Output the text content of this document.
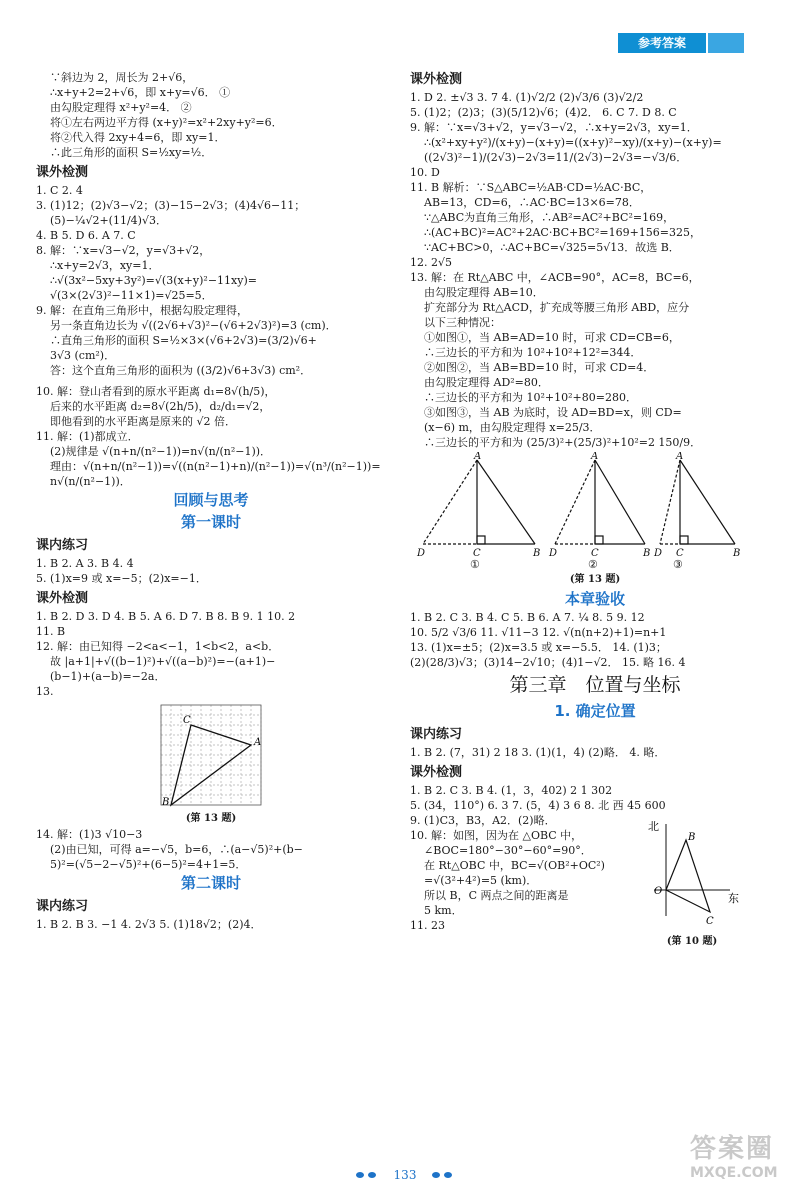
参考答案
∵斜边为 2，周长为 2+√6，
∴x+y+2=2+√6，即 x+y=√6． ①
由勾股定理得 x²+y²=4． ②
将①左右两边平方得 (x+y)²=x²+2xy+y²=6．
将②代入得 2xy+4=6，即 xy=1．
∴此三角形的面积 S=½xy=½．
课外检测
1. C 2. 4
3. (1)12；(2)√3−√2；(3)−15−2√3；(4)4√6−11；
(5)−¼√2+(11/4)√3．
4. B 5. D 6. A 7. C
8. 解：∵x=√3−√2，y=√3+√2，
∴x+y=2√3，xy=1．
∴√(3x²−5xy+3y²)=√(3(x+y)²−11xy)=
√(3×(2√3)²−11×1)=√25=5．
9. 解：在直角三角形中，根据勾股定理得，
另一条直角边长为 √((2√6+√3)²−(√6+2√3)²)=3 (cm)．
∴直角三角形的面积 S=½×3×(√6+2√3)=(3/2)√6+
3√3 (cm²)．
答：这个直角三角形的面积为 ((3/2)√6+3√3) cm²．
10. 解：登山者看到的原水平距离 d₁=8√(h/5)，
后来的水平距离 d₂=8√(2h/5)，d₂/d₁=√2，
即他看到的水平距离是原来的 √2 倍．
11. 解：(1)都成立．
(2)规律是 √(n+n/(n²−1))=n√(n/(n²−1))．
理由：√(n+n/(n²−1))=√((n(n²−1)+n)/(n²−1))=√(n³/(n²−1))=
n√(n/(n²−1))．
回顾与思考
第一课时
课内练习
1. B 2. A 3. B 4. 4
5. (1)x=9 或 x=−5；(2)x=−1．
课外检测
1. B 2. D 3. D 4. B 5. A 6. D 7. B 8. B 9. 1 10. 2
11. B
12. 解：由已知得 −2<a<−1，1<b<2，a<b．
故 |a+1|+√((b−1)²)+√((a−b)²)=−(a+1)−
(b−1)+(a−b)=−2a．
13.
C
A
B
(第 13 题)
14. 解：(1)3 √10−3
(2)由已知，可得 a=−√5，b=6，∴(a−√5)²+(b−
5)²=(√5−2−√5)²+(6−5)²=4+1=5．
第二课时
课内练习
1. B 2. B 3. −1 4. 2√3 5. (1)18√2；(2)4．
课外检测
1. D 2. ±√3 3. 7 4. (1)√2/2 (2)√3/6 (3)√2/2
5. (1)2；(2)3；(3)(5/12)√6；(4)2． 6. C 7. D 8. C
9. 解：∵x=√3+√2，y=√3−√2，∴x+y=2√3，xy=1．
∴(x²+xy+y²)/(x+y)−(x+y)=((x+y)²−xy)/(x+y)−(x+y)=
((2√3)²−1)/(2√3)−2√3=11/(2√3)−2√3=−√3/6．
10. D
11. B 解析：∵S△ABC=½AB·CD=½AC·BC，
AB=13，CD=6，∴AC·BC=13×6=78．
∵△ABC为直角三角形，∴AB²=AC²+BC²=169，
∴(AC+BC)²=AC²+2AC·BC+BC²=169+156=325，
∵AC+BC>0，∴AC+BC=√325=5√13．故选 B．
12. 2√5
13. 解：在 Rt△ABC 中，∠ACB=90°，AC=8，BC=6，
由勾股定理得 AB=10．
扩充部分为 Rt△ACD，扩充成等腰三角形 ABD，应分
以下三种情况：
①如图①，当 AB=AD=10 时，可求 CD=CB=6，
∴三边长的平方和为 10²+10²+12²=344．
②如图②，当 AB=BD=10 时，可求 CD=4．
由勾股定理得 AD²=80．
∴三边长的平方和为 10²+10²+80=280．
③如图③，当 AB 为底时，设 AD=BD=x，则 CD=
(x−6) m，由勾股定理得 x=25/3．
∴三边长的平方和为 (25/3)²+(25/3)²+10²=2 150/9．
A
D	C	B
A
D	C	B
A
D C	B
①	②	③
(第 13 题)
本章验收
1. B 2. C 3. B 4. C 5. B 6. A 7. ¼ 8. 5 9. 12
10. 5/2 √3/6 11. √11−3 12. √(n(n+2)+1)=n+1
13. (1)x=±5；(2)x=3.5 或 x=−5.5． 14. (1)3；
(2)(28/3)√3；(3)14−2√10；(4)1−√2． 15. 略 16. 4
第三章　位置与坐标
1. 确定位置
课内练习
1. B 2. (7，31) 2 18 3. (1)(1，4) (2)略． 4. 略．
课外检测
1. B 2. C 3. B 4. (1，3，402) 2 1 302
5. (34，110°) 6. 3 7. (5，4) 3 6 8. 北 西 45 600
9. (1)C3，B3，A2．(2)略．
10. 解：如图，因为在 △OBC 中，
∠BOC=180°−30°−60°=90°．
在 Rt△OBC 中，BC=√(OB²+OC²)
=√(3²+4²)=5 (km)．
所以 B，C 两点之间的距离是
5 km．
11. 23
北
东
O
B
C
(第 10 题)
133
答案圈
MXQE.COM
